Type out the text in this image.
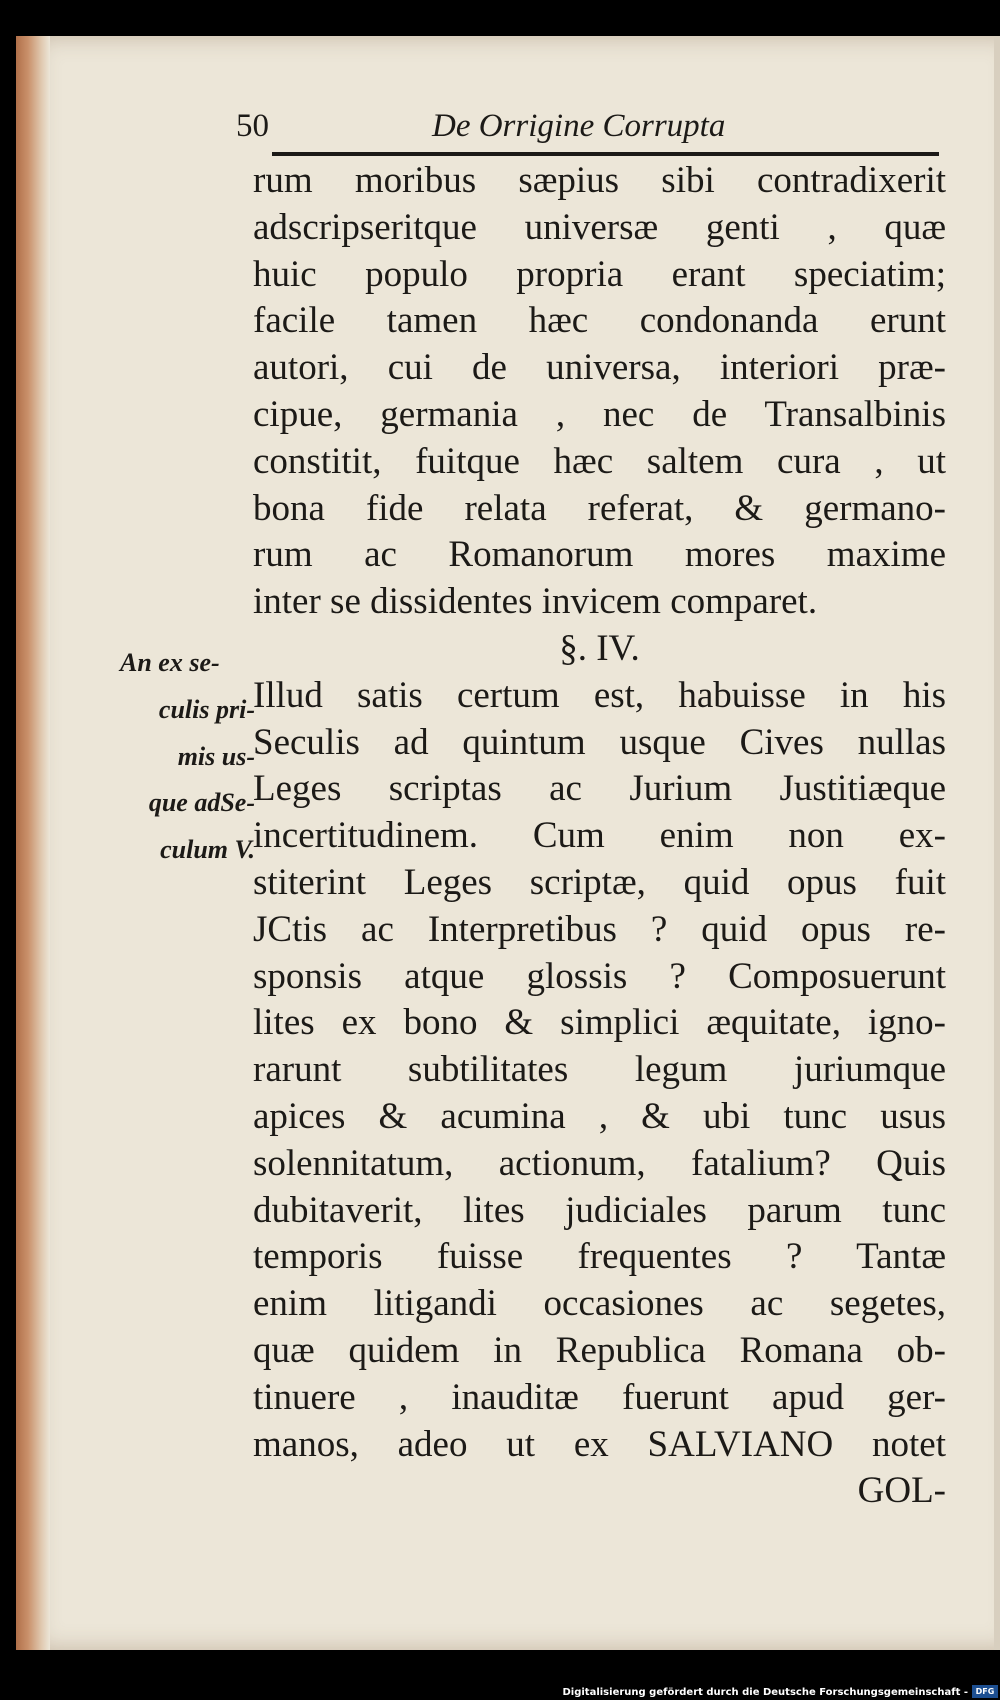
50	De Orrigine Corrupta
An ex se-
culis pri-
mis us-
que adSe-
culum V.
rum moribus sæpius sibi contradixerit
adscripseritque universæ genti , quæ
huic populo propria erant speciatim;
facile tamen hæc condonanda erunt
autori, cui de universa, interiori præ-
cipue, germania , nec de Transalbinis
constitit, fuitque hæc saltem cura , ut
bona fide relata referat, & germano-
rum ac Romanorum mores maxime
inter se dissidentes invicem comparet.
§. IV.
Illud satis certum est, habuisse in his
Seculis ad quintum usque Cives nullas
Leges scriptas ac Jurium Justitiæque
incertitudinem. Cum enim non ex-
stiterint Leges scriptæ, quid opus fuit
JCtis ac Interpretibus ? quid opus re-
sponsis atque glossis ? Composuerunt
lites ex bono & simplici æquitate, igno-
rarunt subtilitates legum juriumque
apices & acumina , & ubi tunc usus
solennitatum, actionum, fatalium? Quis
dubitaverit, lites judiciales parum tunc
temporis fuisse frequentes ? Tantæ
enim litigandi occasiones ac segetes,
quæ quidem in Republica Romana ob-
tinuere , inauditæ fuerunt apud ger-
manos, adeo ut ex SALVIANO notet
GOL-
Digitalisierung gefördert durch die Deutsche Forschungsgemeinschaft - DFG
